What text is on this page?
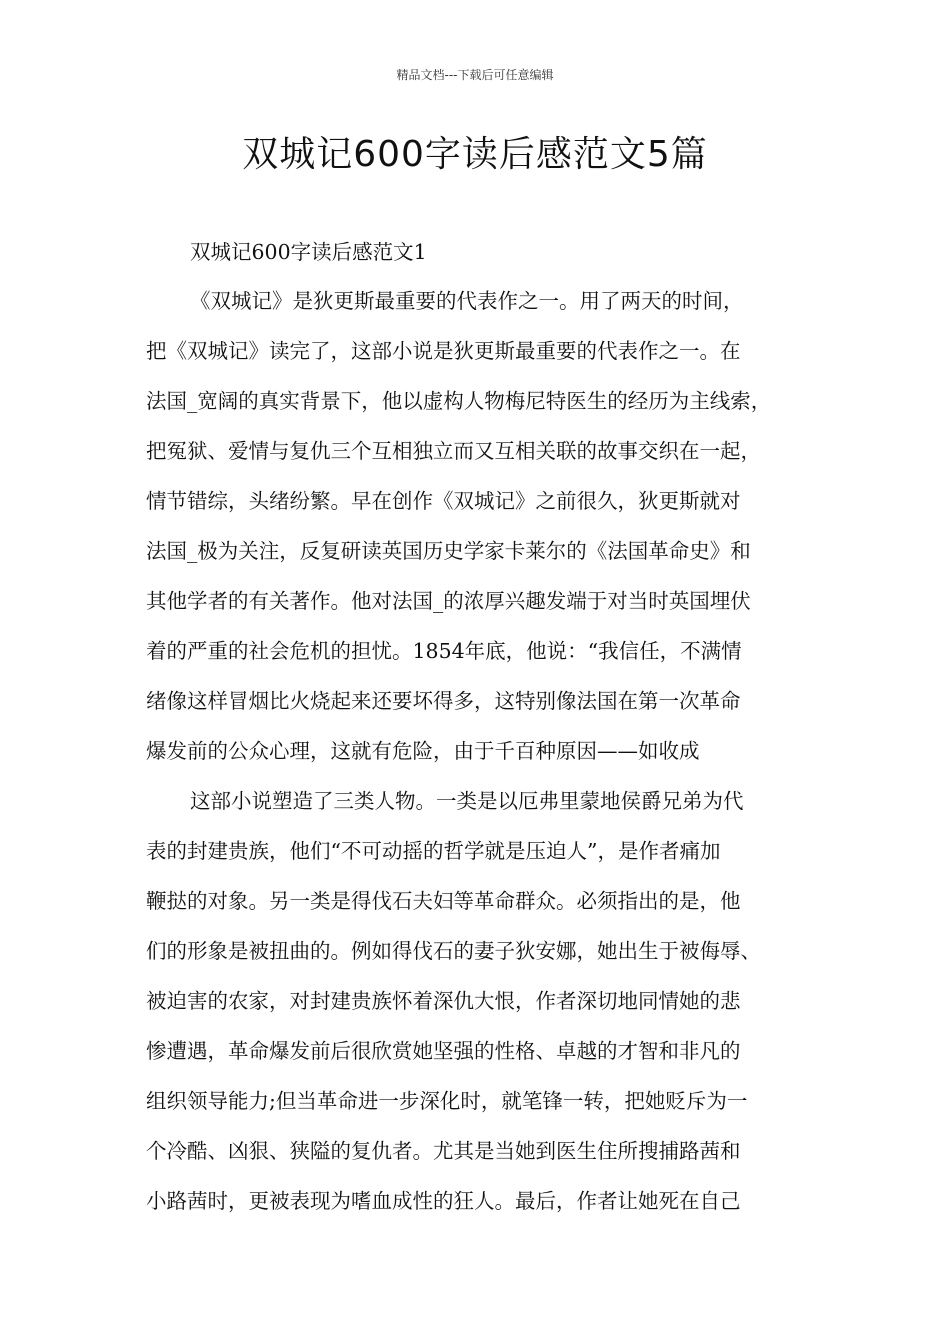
精品文档---下载后可任意编辑
双城记600字读后感范文5篇
双城记600字读后感范文1
《双城记》是狄更斯最重要的代表作之一。用了两天的时间，
把《双城记》读完了，这部小说是狄更斯最重要的代表作之一。在
法国_宽阔的真实背景下，他以虚构人物梅尼特医生的经历为主线索，
把冤狱、爱情与复仇三个互相独立而又互相关联的故事交织在一起，
情节错综，头绪纷繁。早在创作《双城记》之前很久，狄更斯就对
法国_极为关注，反复研读英国历史学家卡莱尔的《法国革命史》和
其他学者的有关著作。他对法国_的浓厚兴趣发端于对当时英国埋伏
着的严重的社会危机的担忧。1854年底，他说：“我信任，不满情
绪像这样冒烟比火烧起来还要坏得多，这特别像法国在第一次革命
爆发前的公众心理，这就有危险，由于千百种原因——如收成
这部小说塑造了三类人物。一类是以厄弗里蒙地侯爵兄弟为代
表的封建贵族，他们“不可动摇的哲学就是压迫人”，是作者痛加
鞭挞的对象。另一类是得伐石夫妇等革命群众。必须指出的是，他
们的形象是被扭曲的。例如得伐石的妻子狄安娜，她出生于被侮辱、
被迫害的农家，对封建贵族怀着深仇大恨，作者深切地同情她的悲
惨遭遇，革命爆发前后很欣赏她坚强的性格、卓越的才智和非凡的
组织领导能力;但当革命进一步深化时，就笔锋一转，把她贬斥为一
个冷酷、凶狠、狭隘的复仇者。尤其是当她到医生住所搜捕路茜和
小路茜时，更被表现为嗜血成性的狂人。最后，作者让她死在自己
